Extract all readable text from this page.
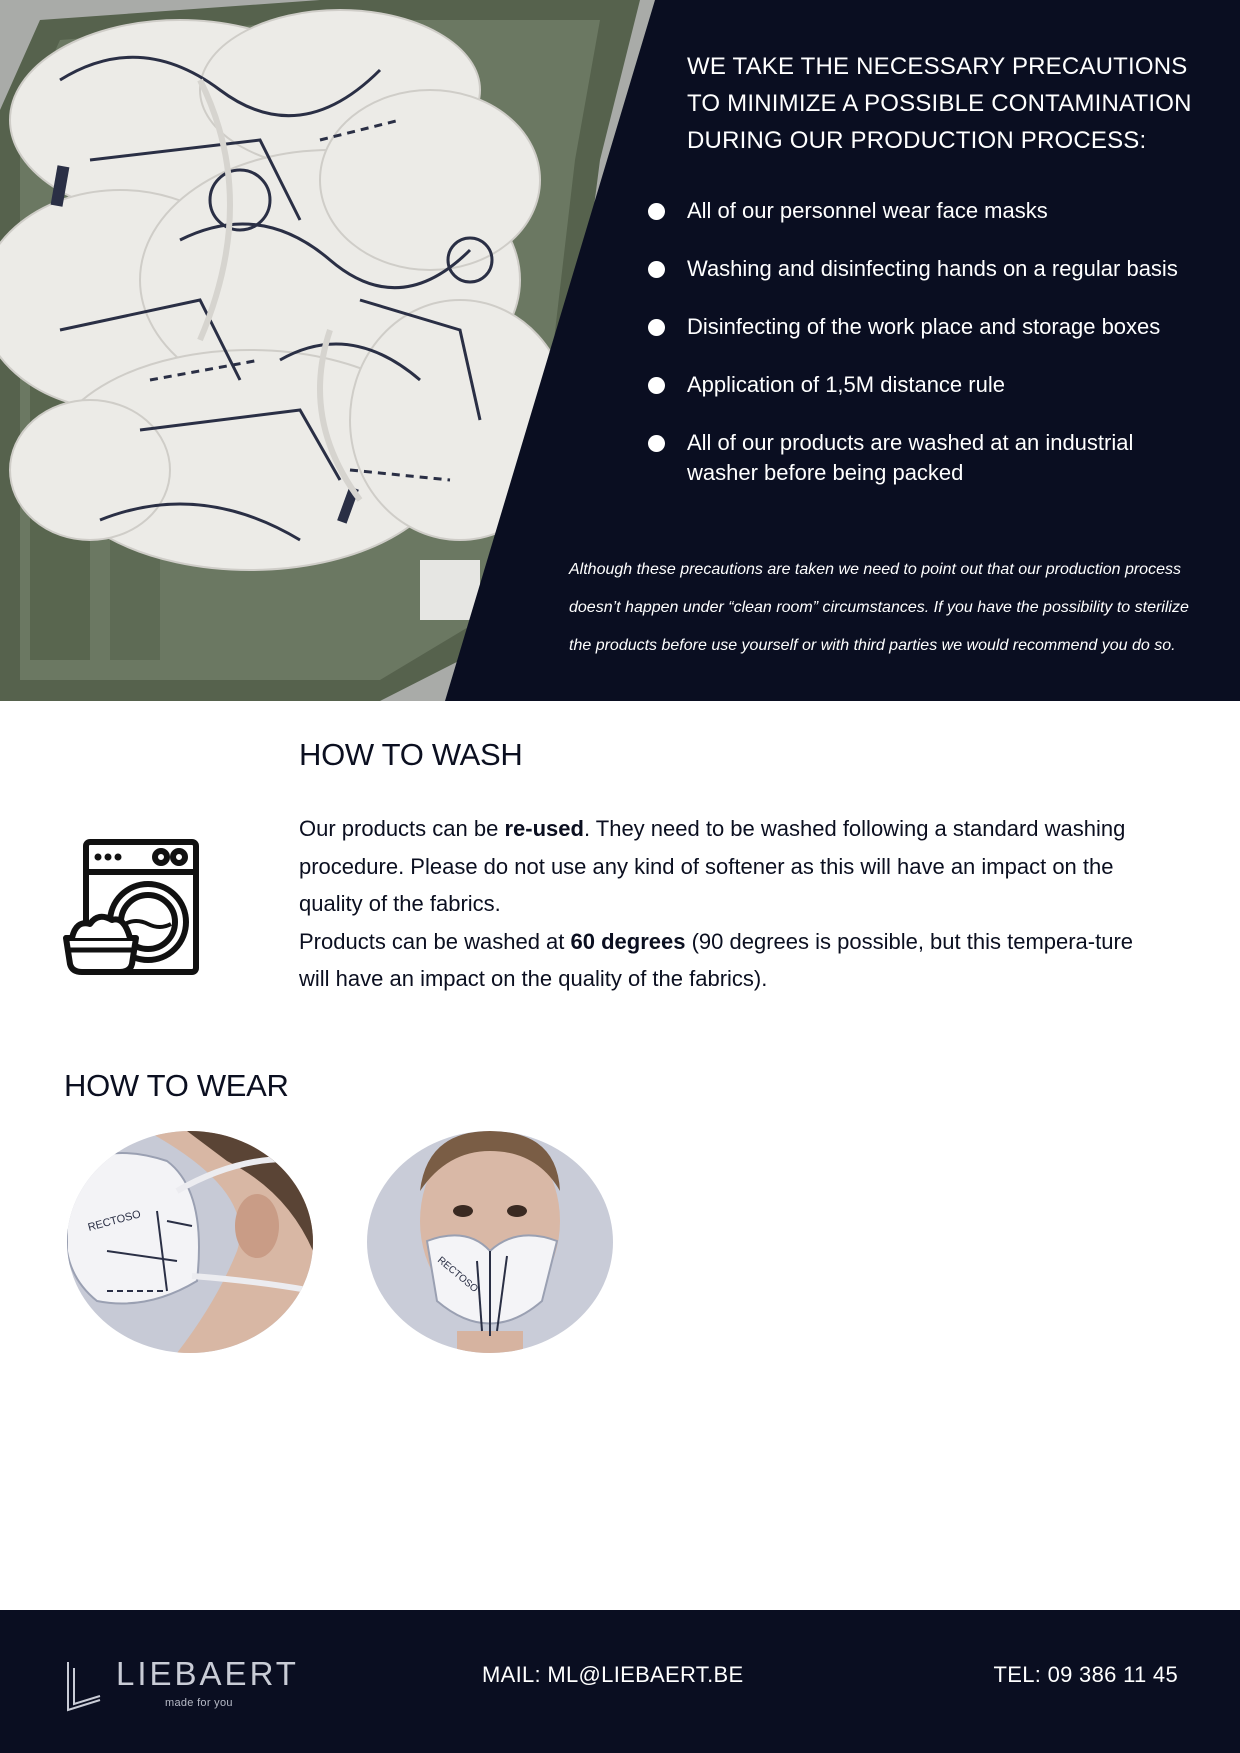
WE TAKE THE NECESSARY PRECAUTIONS
TO MINIMIZE A POSSIBLE CONTAMINATION
DURING OUR PRODUCTION PROCESS:
All of our personnel wear face masks
Washing and disinfecting hands on a regular basis
Disinfecting of the work place and storage boxes
Application of 1,5M distance rule
All of our products are washed at an industrial washer before being packed

Although these precautions are taken we need to point out that our production process doesn’t happen under “clean room” circumstances. If you have the possibility to sterilize the products before use yourself or with third parties we would recommend you do so.

HOW TO WASH

Our products can be re-used. They need to be washed following a standard washing procedure. Please do not use any kind of softener as this will have an impact on the quality of the fabrics.
Products can be washed at 60 degrees (90 degrees is possible, but this tempera-ture will have an impact on the quality of the fabrics).

HOW TO WEAR
RECTOSO
RECTOSO
LIEBAERT
made for you
MAIL: ML@LIEBAERT.BE	TEL: 09 386 11 45
